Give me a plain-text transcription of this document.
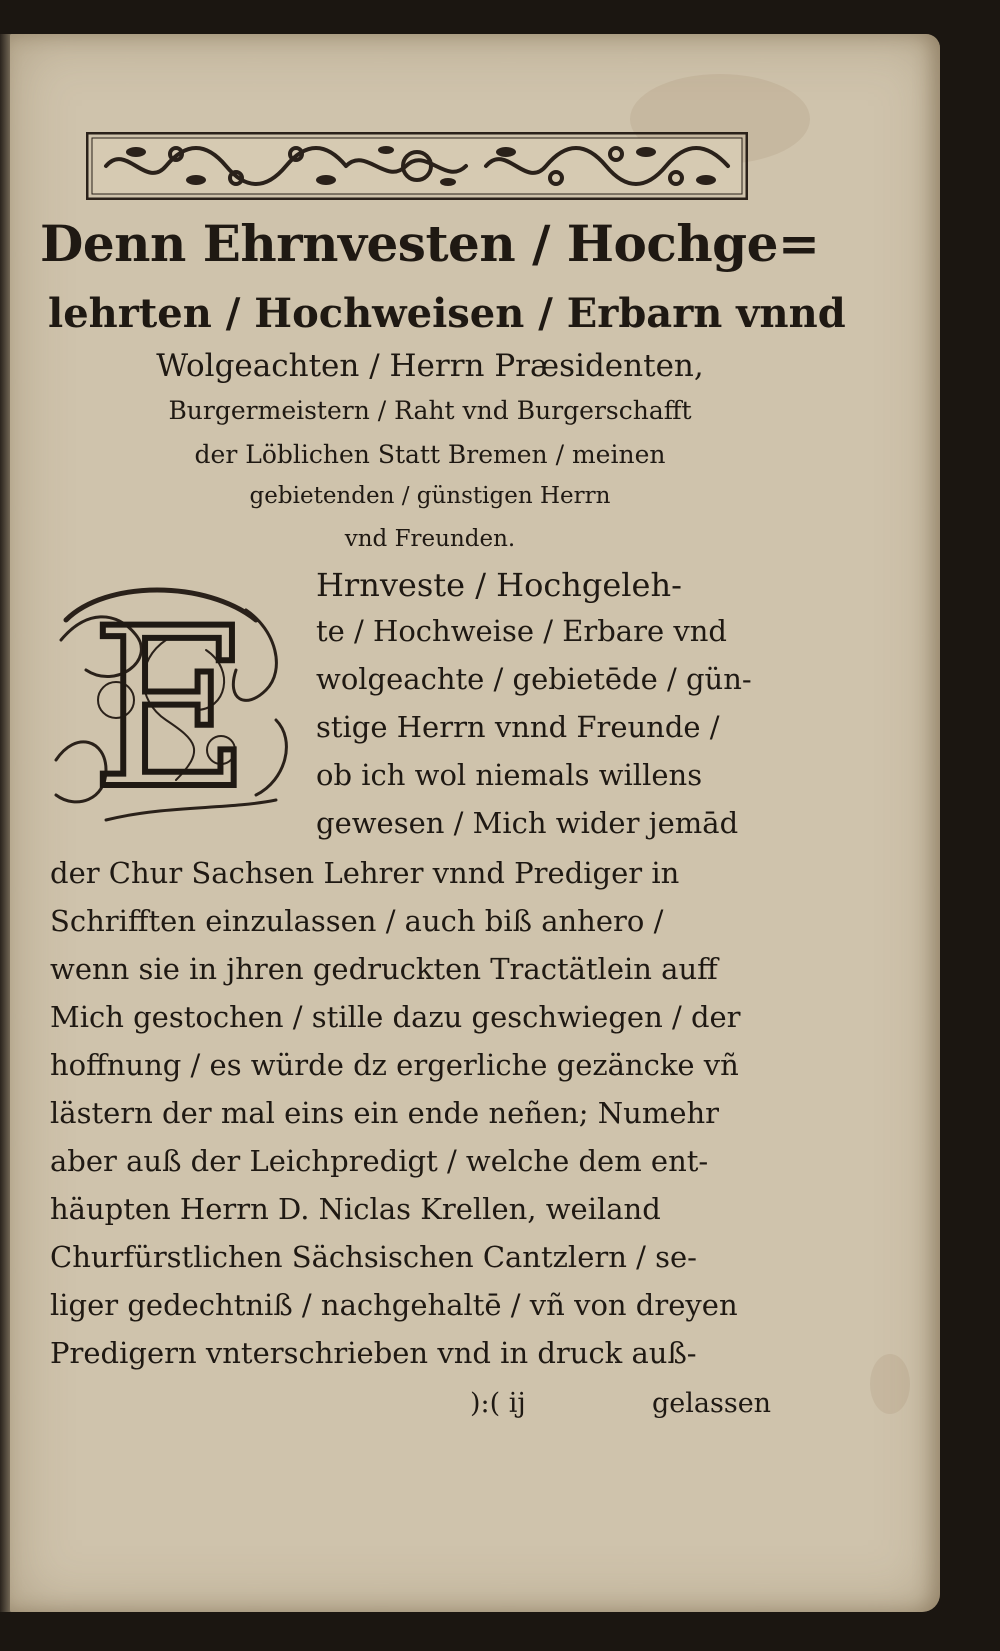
Denn Ehrnvesten / Hochge=
lehrten / Hochweisen / Erbarn vnnd
Wolgeachten / Herrn Præsidenten,
Burgermeistern / Raht vnd Burgerschafft
der Löblichen Statt Bremen / meinen
gebietenden / günstigen Herrn
vnd Freunden.
E Hrnveste / Hochgeleh-
te / Hochweise / Erbare vnd
wolgeachte / gebietēde / gün-
stige Herrn vnnd Freunde /
ob ich wol niemals willens
gewesen / Mich wider jemād
der Chur Sachsen Lehrer vnnd Prediger in
Schrifften einzulassen / auch biß anhero /
wenn sie in jhren gedruckten Tractätlein auff
Mich gestochen / stille dazu geschwiegen / der
hoffnung / es würde dz ergerliche gezäncke vñ
lästern der mal eins ein ende neñen; Numehr
aber auß der Leichpredigt / welche dem ent-
häupten Herrn D. Niclas Krellen, weiland
Churfürstlichen Sächsischen Cantzlern / se-
liger gedechtniß / nachgehaltē / vñ von dreyen
Predigern vnterschrieben vnd in druck auß-
):( ij	gelassen
